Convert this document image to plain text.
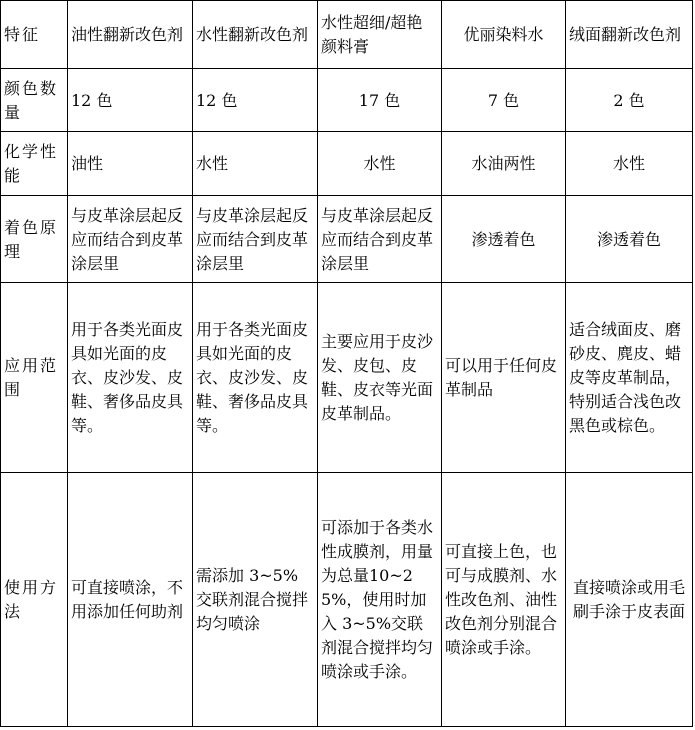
特征	油性翻新改色剂	水性翻新改色剂	水性超细/超艳颜料膏	优丽染料水	绒面翻新改色剂
颜色数量	12 色	12 色	17 色	7 色	2 色
化学性能	油性	水性	水性	水油两性	水性
着色原理	与皮革涂层起反应而结合到皮革涂层里	与皮革涂层起反应而结合到皮革涂层里	与皮革涂层起反应而结合到皮革涂层里	渗透着色	渗透着色
应用范围	用于各类光面皮具如光面的皮衣、皮沙发、皮鞋、奢侈品皮具等。	用于各类光面皮具如光面的皮衣、皮沙发、皮鞋、奢侈品皮具等。	主要应用于皮沙发、皮包、皮鞋、皮衣等光面皮革制品。	可以用于任何皮革制品	适合绒面皮、磨砂皮、麂皮、蜡皮等皮革制品，特别适合浅色改黑色或棕色。
使用方法	可直接喷涂，不用添加任何助剂	需添加 3~5%交联剂混合搅拌均匀喷涂	可添加于各类水性成膜剂，用量为总量10~25%，使用时加入 3~5%交联剂混合搅拌均匀喷涂或手涂。	可直接上色，也可与成膜剂、水性改色剂、油性改色剂分别混合喷涂或手涂。	直接喷涂或用毛刷手涂于皮表面
